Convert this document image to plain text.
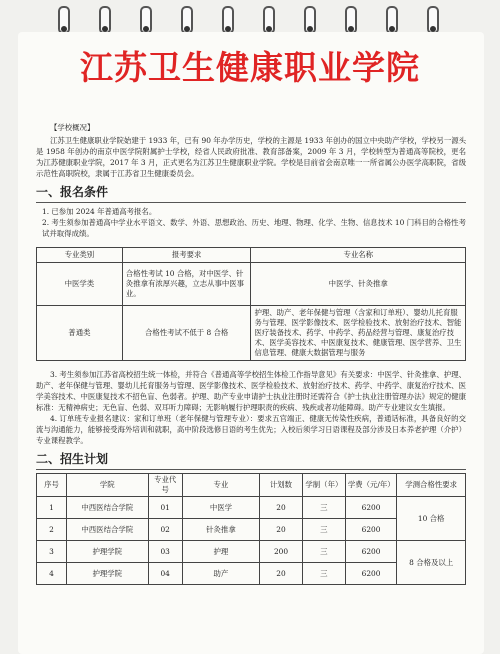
江苏卫生健康职业学院
【学校概况】

江苏卫生健康职业学院始建于 1933 年，已有 90 年办学历史，学校的主源是 1933 年创办的国立中央助产学校，学校另一源头是 1958 年创办的南京中医学院附属护士学校，经省人民政府批准、教育部备案，2009 年 3 月，学校转型为普通高等院校，更名为江苏健康职业学院，2017 年 3 月，正式更名为江苏卫生健康职业学院。学校是目前省会南京唯一一所省属公办医学高职院，省级示范性高职院校，隶属于江苏省卫生健康委员会。

一、报名条件

1. 已参加 2024 年普通高考报名。

2. 考生须参加普通高中学业水平语文、数学、外语、思想政治、历史、地理、物理、化学、生物、信息技术 10 门科目的合格性考试并取得成绩。

专业类别	报考要求	专业名称
中医学类	合格性考试 10 合格，对中医学、针灸推拿有浓厚兴趣，立志从事中医事业。	中医学、针灸推拿
普通类	合格性考试不低于 8 合格	护理、助产、老年保健与管理（含家和订单班）、婴幼儿托育服务与管理、医学影像技术、医学检验技术、放射治疗技术、智能医疗装备技术、药学、中药学、药品经营与管理、康复治疗技术、医学美容技术、中医康复技术、健康管理、医学营养、卫生信息管理、健康大数据管理与服务

3. 考生须参加江苏省高校招生统一体检，并符合《普通高等学校招生体检工作指导意见》有关要求：中医学、针灸推拿、护理、助产、老年保健与管理、婴幼儿托育服务与管理、医学影像技术、医学检验技术、放射治疗技术、药学、中药学、康复治疗技术、医学美容技术、中医康复技术不招色盲、色弱者。护理、助产专业申请护士执业注册时还需符合《护士执业注册管理办法》规定的健康标准：无精神病史；无色盲、色弱、双耳听力障碍；无影响履行护理职责的疾病、残疾或者功能障碍。助产专业建议女生填报。

4. 订单班专业报名建议：家和订单班（老年保健与管理专业）：要求五官端正、健康无传染性疾病，普通话标准，具备良好的交流与沟通能力，能够接受海外培训和就职，高中阶段选修日语的考生优先；入校后须学习日语课程及部分涉及日本养老护理（介护）专业课程教学。

二、招生计划
序号	学院	专业代号	专业	计划数	学制（年）	学费（元/年）	学测合格性要求
1	中西医结合学院	01	中医学	20	三	6200	10 合格
2	中西医结合学院	02	针灸推拿	20	三	6200	
3	护理学院	03	护理	200	三	6200	8 合格及以上
4	护理学院	04	助产	20	三	6200	
